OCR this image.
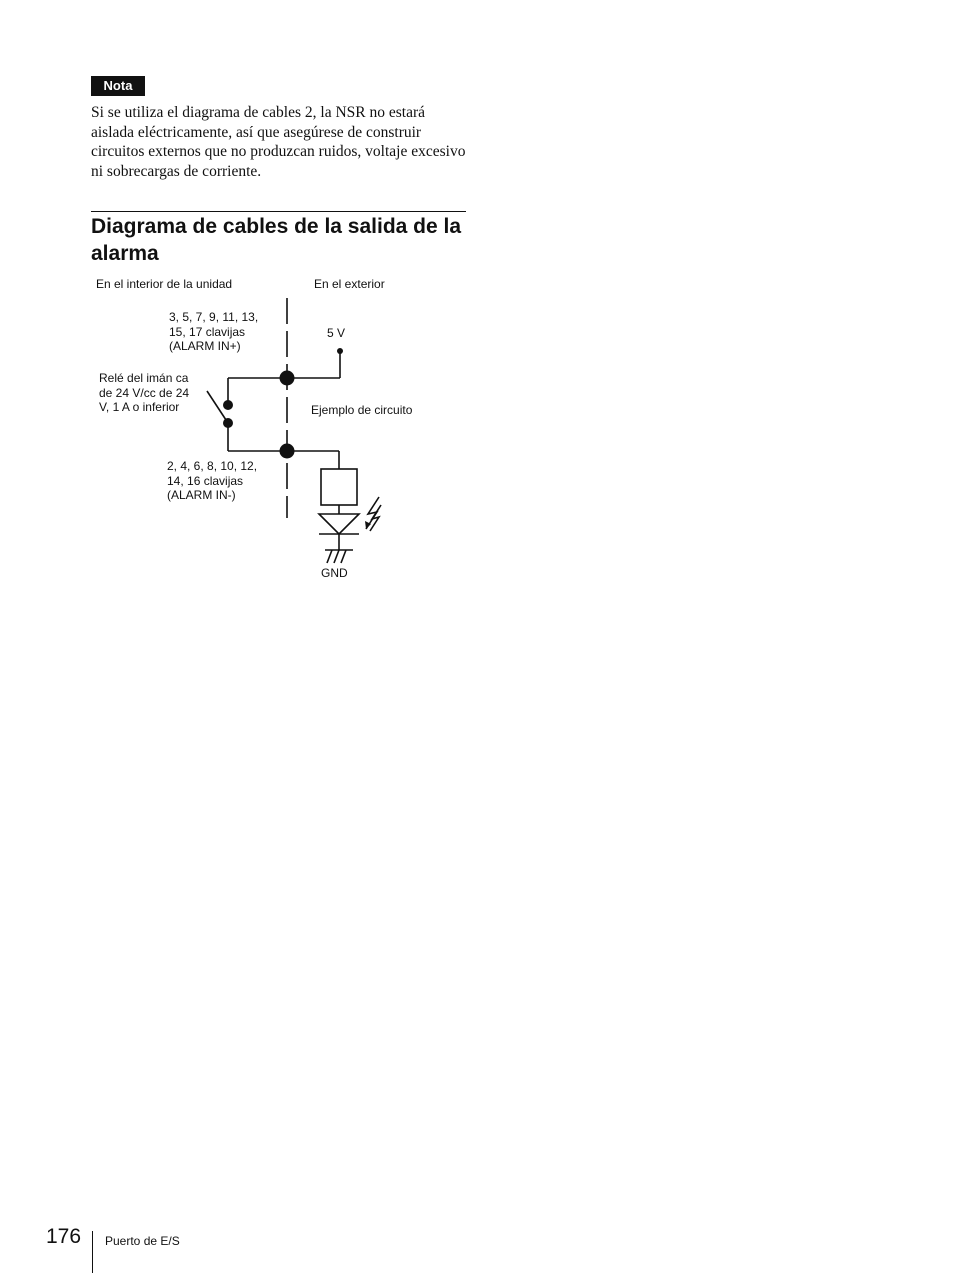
Nota

Si se utiliza el diagrama de cables 2, la NSR no estará aislada eléctricamente, así que asegúrese de construir circuitos externos que no produzcan ruidos, voltaje excesivo ni sobrecargas de corriente.

Diagrama de cables de la salida de la alarma
En el interior de la unidad	En el exterior
3, 5, 7, 9, 11, 13,
15, 17 clavijas
(ALARM IN+)
5 V
Relé del imán ca
de 24 V/cc de 24
V, 1 A o inferior	Ejemplo de circuito
2, 4, 6, 8, 10, 12,
14, 16 clavijas
(ALARM IN-)
GND
176 Puerto de E/S
